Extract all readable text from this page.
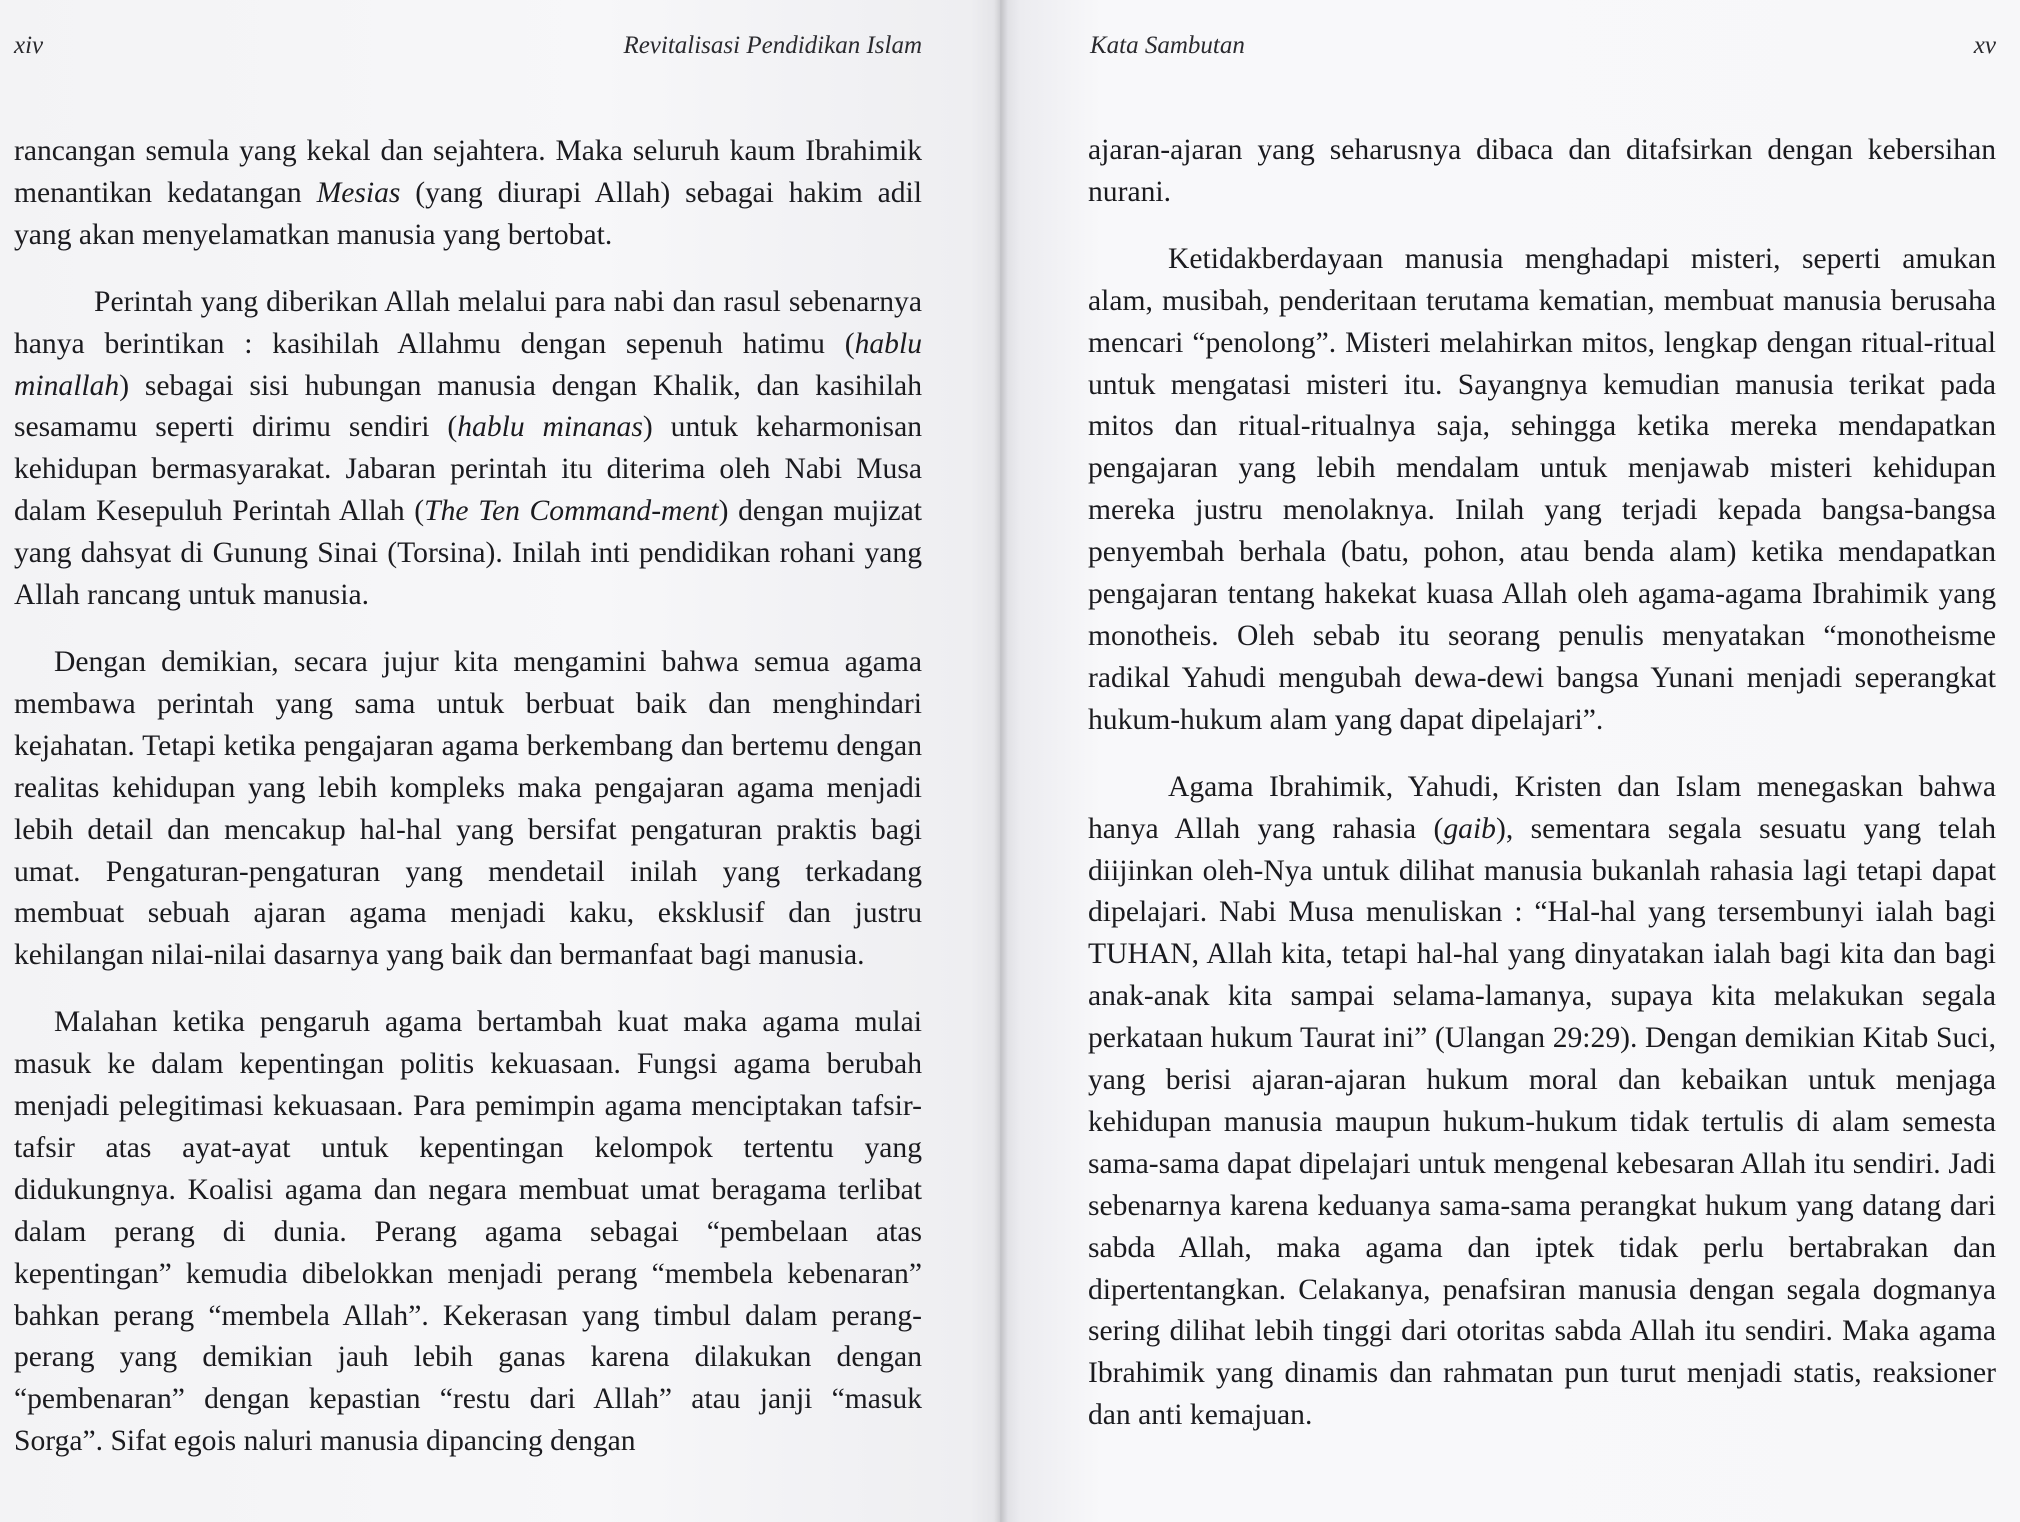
xiv	Revitalisasi Pendidikan Islam

rancangan semula yang kekal dan sejahtera. Maka seluruh kaum Ibrahimik menantikan kedatangan Mesias (yang diurapi Allah) sebagai hakim adil yang akan menyelamatkan manusia yang bertobat.

Perintah yang diberikan Allah melalui para nabi dan rasul sebenarnya hanya berintikan : kasihilah Allahmu dengan sepenuh hatimu (hablu minallah) sebagai sisi hubungan manusia dengan Khalik, dan kasihilah sesamamu seperti dirimu sendiri (hablu minanas) untuk keharmonisan kehidupan bermasyarakat. Jabaran perintah itu diterima oleh Nabi Musa dalam Kesepuluh Perintah Allah (The Ten Command-ment) dengan mujizat yang dahsyat di Gunung Sinai (Torsina). Inilah inti pendidikan rohani yang Allah rancang untuk manusia.

Dengan demikian, secara jujur kita mengamini bahwa semua agama membawa perintah yang sama untuk berbuat baik dan menghindari kejahatan. Tetapi ketika pengajaran agama berkembang dan bertemu dengan realitas kehidupan yang lebih kompleks maka pengajaran agama menjadi lebih detail dan mencakup hal-hal yang bersifat pengaturan praktis bagi umat. Pengaturan-pengaturan yang mendetail inilah yang terkadang membuat sebuah ajaran agama menjadi kaku, eksklusif dan justru kehilangan nilai-nilai dasarnya yang baik dan bermanfaat bagi manusia.

Malahan ketika pengaruh agama bertambah kuat maka agama mulai masuk ke dalam kepentingan politis kekuasaan. Fungsi agama berubah menjadi pelegitimasi kekuasaan. Para pemimpin agama menciptakan tafsir-tafsir atas ayat-ayat untuk kepentingan kelompok tertentu yang didukungnya. Koalisi agama dan negara membuat umat beragama terlibat dalam perang di dunia. Perang agama sebagai “pembelaan atas kepentingan” kemudia dibelokkan menjadi perang “membela kebenaran” bahkan perang “membela Allah”. Kekerasan yang timbul dalam perang-perang yang demikian jauh lebih ganas karena dilakukan dengan “pembenaran” dengan kepastian “restu dari Allah” atau janji “masuk Sorga”. Sifat egois naluri manusia dipancing dengan

Kata Sambutan	xv

ajaran-ajaran yang seharusnya dibaca dan ditafsirkan dengan kebersihan nurani.

Ketidakberdayaan manusia menghadapi misteri, seperti amukan alam, musibah, penderitaan terutama kematian, membuat manusia berusaha mencari “penolong”. Misteri melahirkan mitos, lengkap dengan ritual-ritual untuk mengatasi misteri itu. Sayangnya kemudian manusia terikat pada mitos dan ritual-ritualnya saja, sehingga ketika mereka mendapatkan pengajaran yang lebih mendalam untuk menjawab misteri kehidupan mereka justru menolaknya. Inilah yang terjadi kepada bangsa-bangsa penyembah berhala (batu, pohon, atau benda alam) ketika mendapatkan pengajaran tentang hakekat kuasa Allah oleh agama-agama Ibrahimik yang monotheis. Oleh sebab itu seorang penulis menyatakan “monotheisme radikal Yahudi mengubah dewa-dewi bangsa Yunani menjadi seperangkat hukum-hukum alam yang dapat dipelajari”.

Agama Ibrahimik, Yahudi, Kristen dan Islam menegaskan bahwa hanya Allah yang rahasia (gaib), sementara segala sesuatu yang telah diijinkan oleh-Nya untuk dilihat manusia bukanlah rahasia lagi tetapi dapat dipelajari. Nabi Musa menuliskan : “Hal-hal yang tersembunyi ialah bagi TUHAN, Allah kita, tetapi hal-hal yang dinyatakan ialah bagi kita dan bagi anak-anak kita sampai selama-lamanya, supaya kita melakukan segala perkataan hukum Taurat ini” (Ulangan 29:29). Dengan demikian Kitab Suci, yang berisi ajaran-ajaran hukum moral dan kebaikan untuk menjaga kehidupan manusia maupun hukum-hukum tidak tertulis di alam semesta sama-sama dapat dipelajari untuk mengenal kebesaran Allah itu sendiri. Jadi sebenarnya karena keduanya sama-sama perangkat hukum yang datang dari sabda Allah, maka agama dan iptek tidak perlu bertabrakan dan dipertentangkan. Celakanya, penafsiran manusia dengan segala dogmanya sering dilihat lebih tinggi dari otoritas sabda Allah itu sendiri. Maka agama Ibrahimik yang dinamis dan rahmatan pun turut menjadi statis, reaksioner dan anti kemajuan.
